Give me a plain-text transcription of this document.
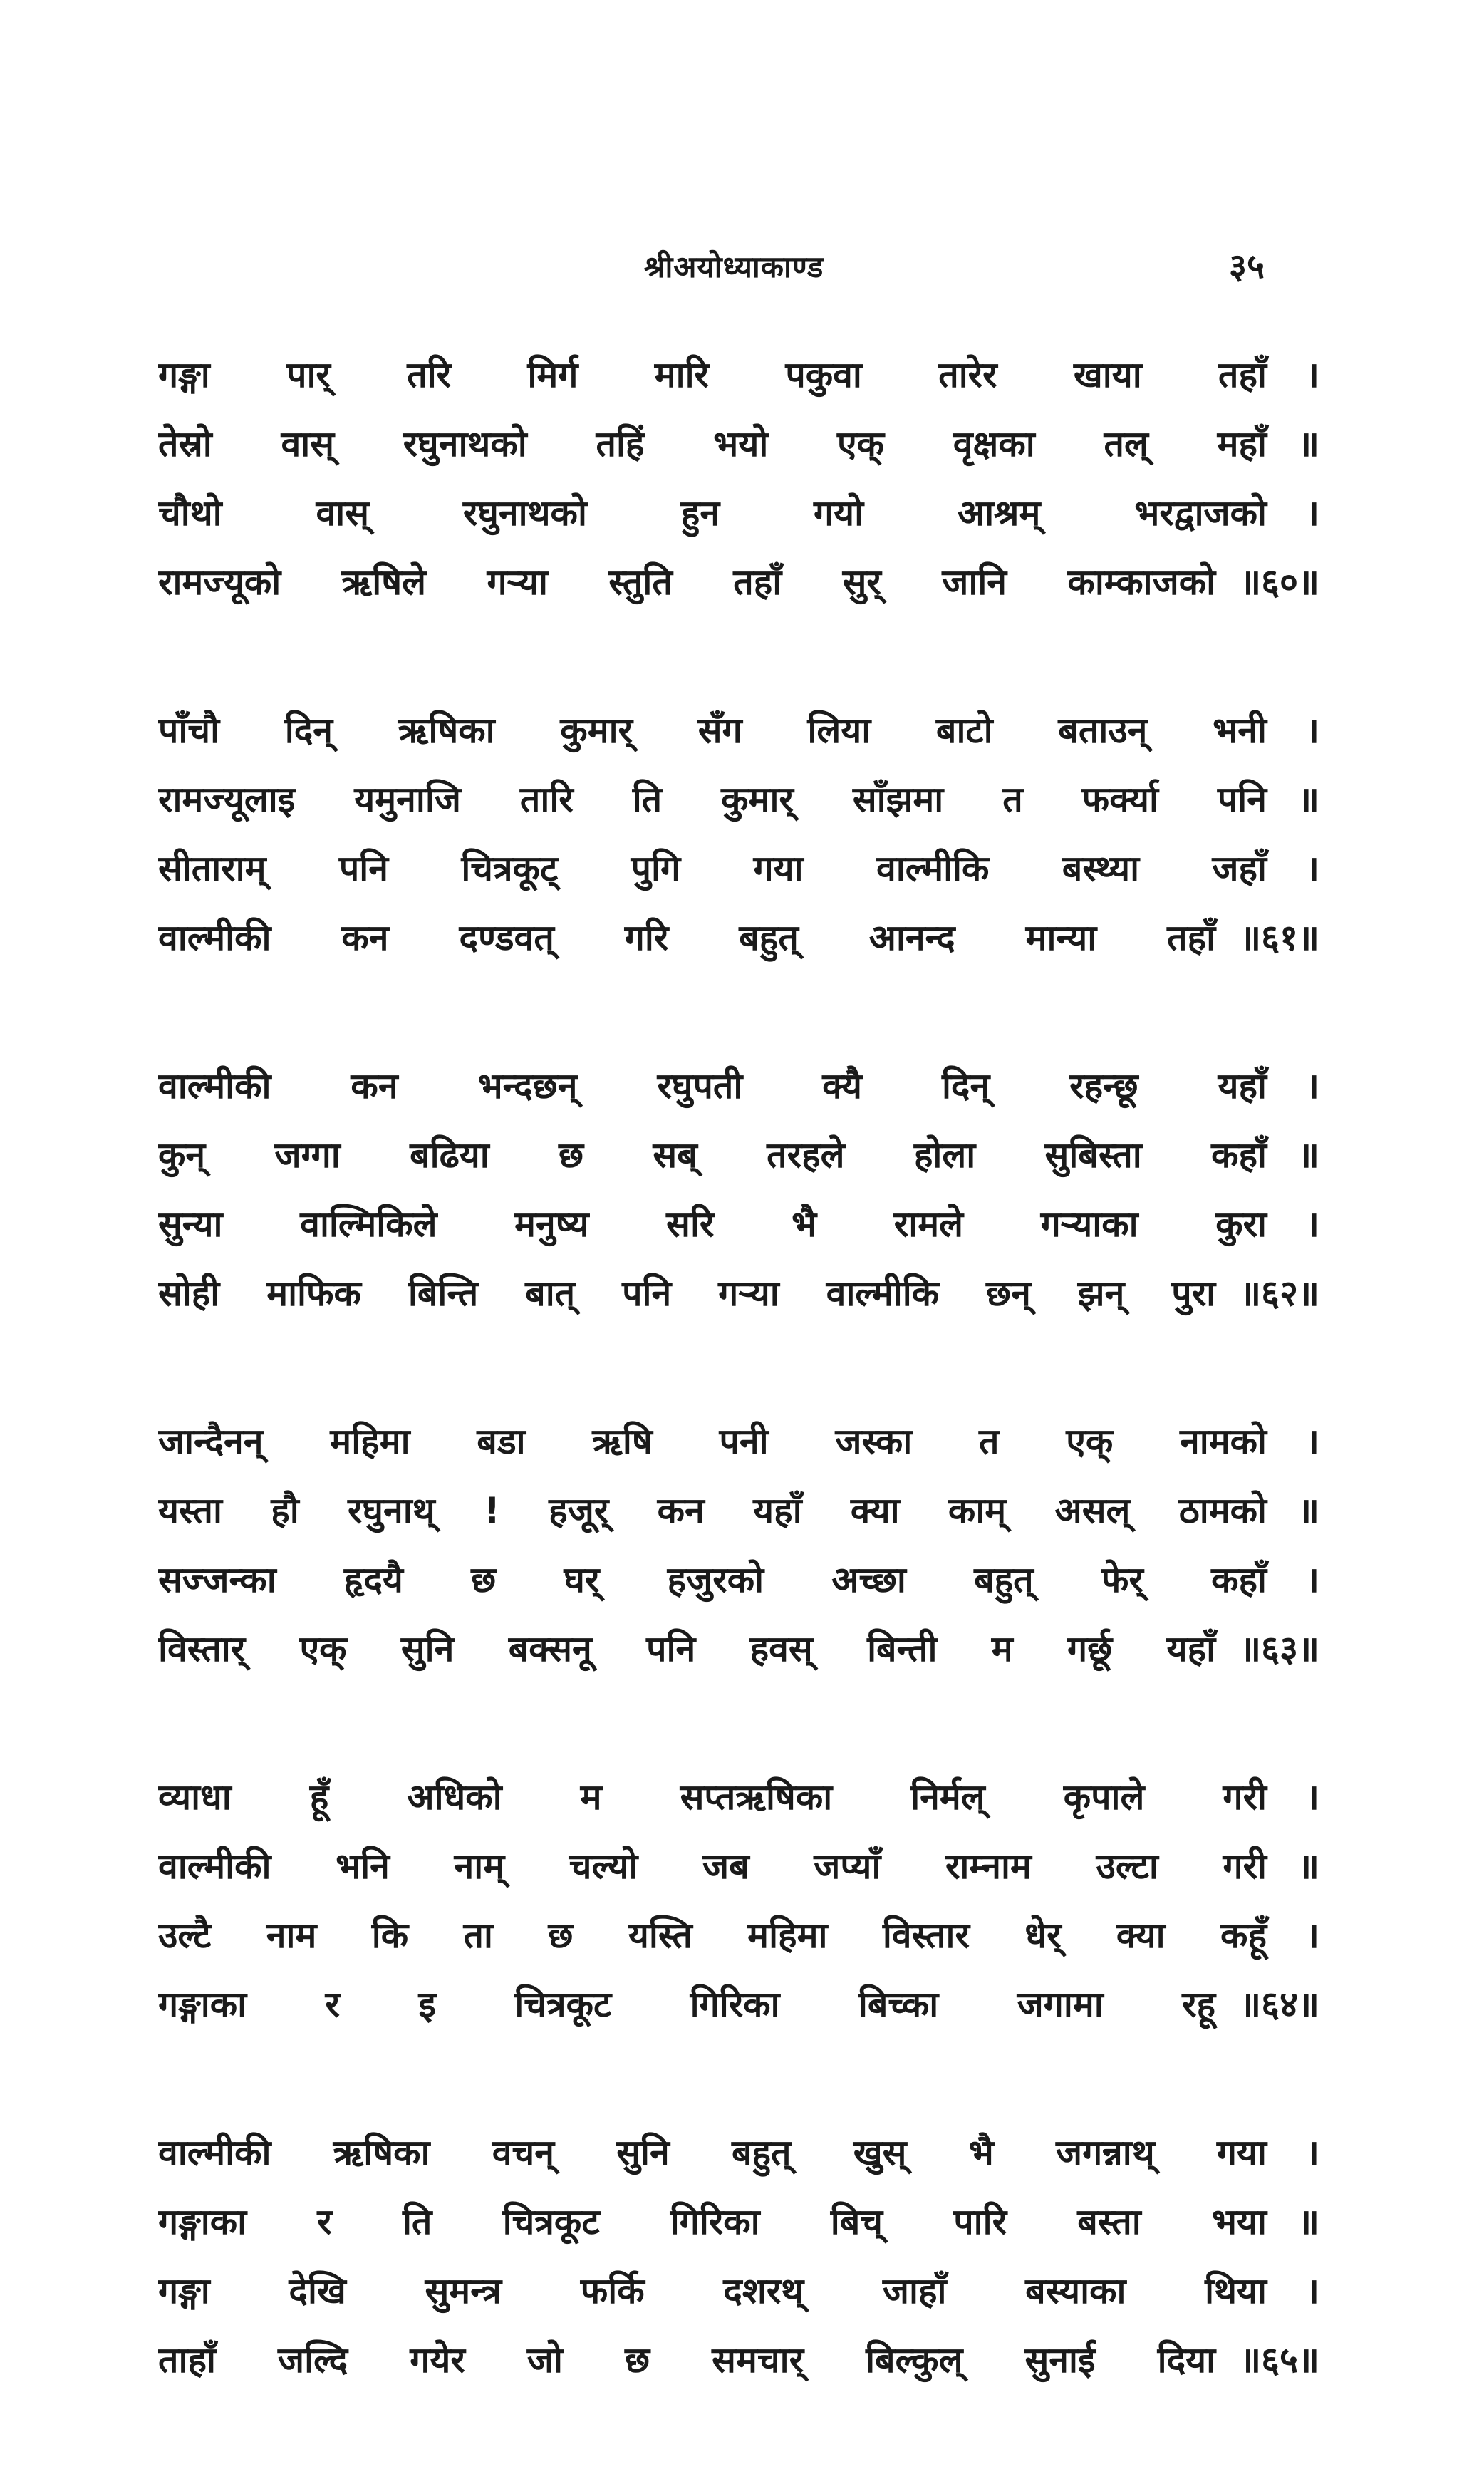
श्रीअयोध्याकाण्ड	३५
गङ्गा पार् तरि मिर्ग मारि पकुवा तारेर खाया तहाँ	।
तेस्रो वास् रघुनाथको तहिं भयो एक् वृक्षका तल् महाँ ॥
चौथो वास् रघुनाथको हुन गयो आश्रम् भरद्वाजको	।
रामज्यूको ऋषिले गर्‍या स्तुति तहाँ सुर् जानि काम्काजको ॥६०॥
पाँचौ दिन् ऋषिका कुमार् सँग लिया बाटो बताउन् भनी	।
रामज्यूलाइ यमुनाजि तारि ति कुमार् साँझमा त फर्क्या पनि ॥
सीताराम् पनि चित्रकूट् पुगि गया वाल्मीकि बस्थ्या जहाँ	।
वाल्मीकी कन दण्डवत् गरि बहुत् आनन्द मान्या तहाँ ॥६१॥
वाल्मीकी कन भन्दछन् रघुपती क्यै दिन् रहन्छू यहाँ	।
कुन् जग्गा बढिया छ सब् तरहले होला सुबिस्ता कहाँ ॥
सुन्या वाल्मिकिले मनुष्य सरि भै रामले गर्‍याका कुरा	।
सोही माफिक बिन्ति बात् पनि गर्‍या वाल्मीकि छन् झन् पुरा ॥६२॥
जान्दैनन् महिमा बडा ऋषि पनी जस्का त एक् नामको	।
यस्ता हौ रघुनाथ् ! हजूर् कन यहाँ क्या काम् असल् ठामको ॥
सज्जन्का हृदयै छ घर् हजुरको अच्छा बहुत् फेर् कहाँ	।
विस्तार् एक् सुनि बक्सनू पनि हवस् बिन्ती म गर्छू यहाँ ॥६३॥
व्याधा हूँ अधिको म सप्तऋषिका निर्मल् कृपाले गरी	।
वाल्मीकी भनि नाम् चल्यो जब जप्याँ राम्नाम उल्टा गरी ॥
उल्टै नाम कि ता छ यस्ति महिमा विस्तार धेर् क्या कहूँ	।
गङ्गाका र इ चित्रकूट गिरिका बिच्का जगामा रहू ॥६४॥
वाल्मीकी ऋषिका वचन् सुनि बहुत् खुस् भै जगन्नाथ् गया	।
गङ्गाका र ति चित्रकूट गिरिका बिच् पारि बस्ता भया ॥
गङ्गा देखि सुमन्त्र फर्कि दशरथ् जाहाँ बस्याका थिया	।
ताहाँ जल्दि गयेर जो छ समचार् बिल्कुल् सुनाई दिया ॥६५॥
